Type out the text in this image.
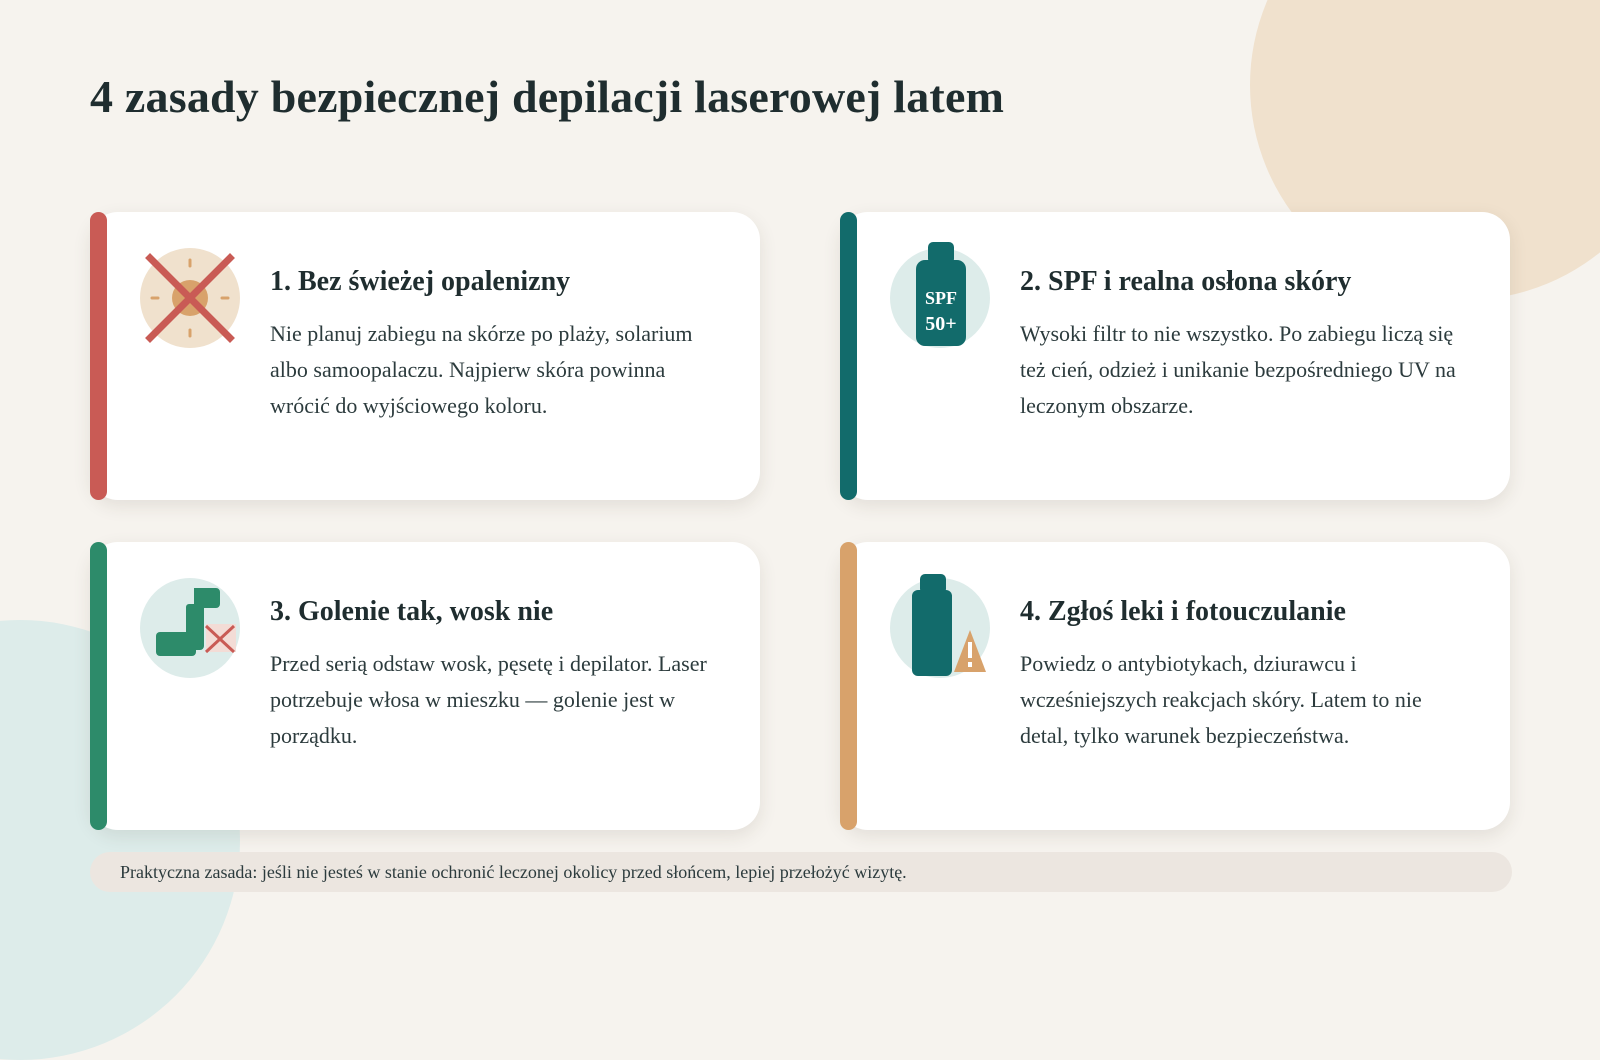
4 zasady bezpiecznej depilacji laserowej latem
1. Bez świeżej opalenizny

Nie planuj zabiegu na skórze po plaży, solarium albo samoopalaczu. Najpierw skóra powinna wrócić do wyjściowego koloru.

SPF
50+
2. SPF i realna osłona skóry

Wysoki filtr to nie wszystko. Po zabiegu liczą się też cień, odzież i unikanie bezpośredniego UV na leczonym obszarze.

3. Golenie tak, wosk nie

Przed serią odstaw wosk, pęsetę i depilator. Laser potrzebuje włosa w mieszku — golenie jest w porządku.

4. Zgłoś leki i fotouczulanie

Powiedz o antybiotykach, dziurawcu i wcześniejszych reakcjach skóry. Latem to nie detal, tylko warunek bezpieczeństwa.

Praktyczna zasada: jeśli nie jesteś w stanie ochronić leczonej okolicy przed słońcem, lepiej przełożyć wizytę.
